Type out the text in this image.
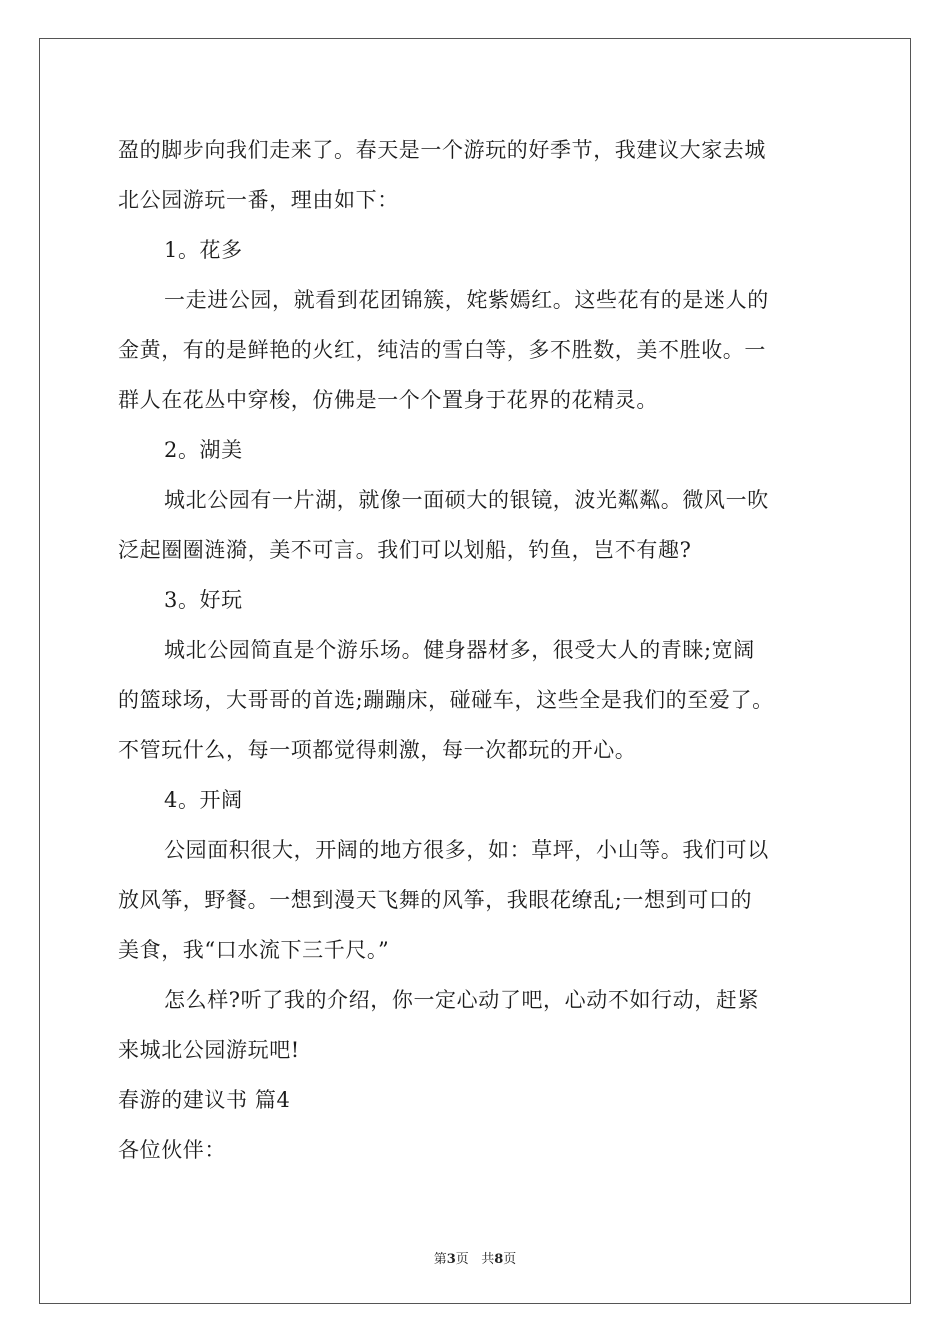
盈的脚步向我们走来了。春天是一个游玩的好季节，我建议大家去城
北公园游玩一番，理由如下：
1。花多
一走进公园，就看到花团锦簇，姹紫嫣红。这些花有的是迷人的
金黄，有的是鲜艳的火红，纯洁的雪白等，多不胜数，美不胜收。一
群人在花丛中穿梭，仿佛是一个个置身于花界的花精灵。
2。湖美
城北公园有一片湖，就像一面硕大的银镜，波光粼粼。微风一吹
泛起圈圈涟漪，美不可言。我们可以划船，钓鱼，岂不有趣?
3。好玩
城北公园简直是个游乐场。健身器材多，很受大人的青睐;宽阔
的篮球场，大哥哥的首选;蹦蹦床，碰碰车，这些全是我们的至爱了。
不管玩什么，每一项都觉得刺激，每一次都玩的开心。
4。开阔
公园面积很大，开阔的地方很多，如：草坪，小山等。我们可以
放风筝，野餐。一想到漫天飞舞的风筝，我眼花缭乱;一想到可口的
美食，我“口水流下三千尺。”
怎么样?听了我的介绍，你一定心动了吧，心动不如行动，赶紧
来城北公园游玩吧!
春游的建议书 篇4
各位伙伴：
第3页   共8页
